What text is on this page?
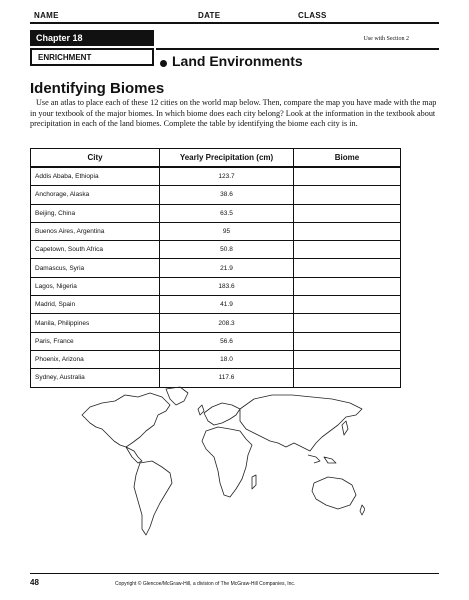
NAME	DATE	CLASS
Chapter 18
ENRICHMENT
Use with Section 2
Land Environments
Identifying Biomes
Use an atlas to place each of these 12 cities on the world map below. Then, compare the map you have made with the map in your textbook of the major biomes. In which biome does each city belong? Look at the information in the textbook about precipitation in each of the land biomes. Complete the table by identifying the biome each city is in.
City	Yearly Precipitation (cm)	Biome
Addis Ababa, Ethiopia	123.7	
Anchorage, Alaska	38.6	
Beijing, China	63.5	
Buenos Aires, Argentina	95	
Capetown, South Africa	50.8	
Damascus, Syria	21.9	
Lagos, Nigeria	183.6	
Madrid, Spain	41.9	
Manila, Philippines	208.3	
Paris, France	56.6	
Phoenix, Arizona	18.0	
Sydney, Australia	117.6	
48	Copyright © Glencoe/McGraw-Hill, a division of The McGraw-Hill Companies, Inc.
